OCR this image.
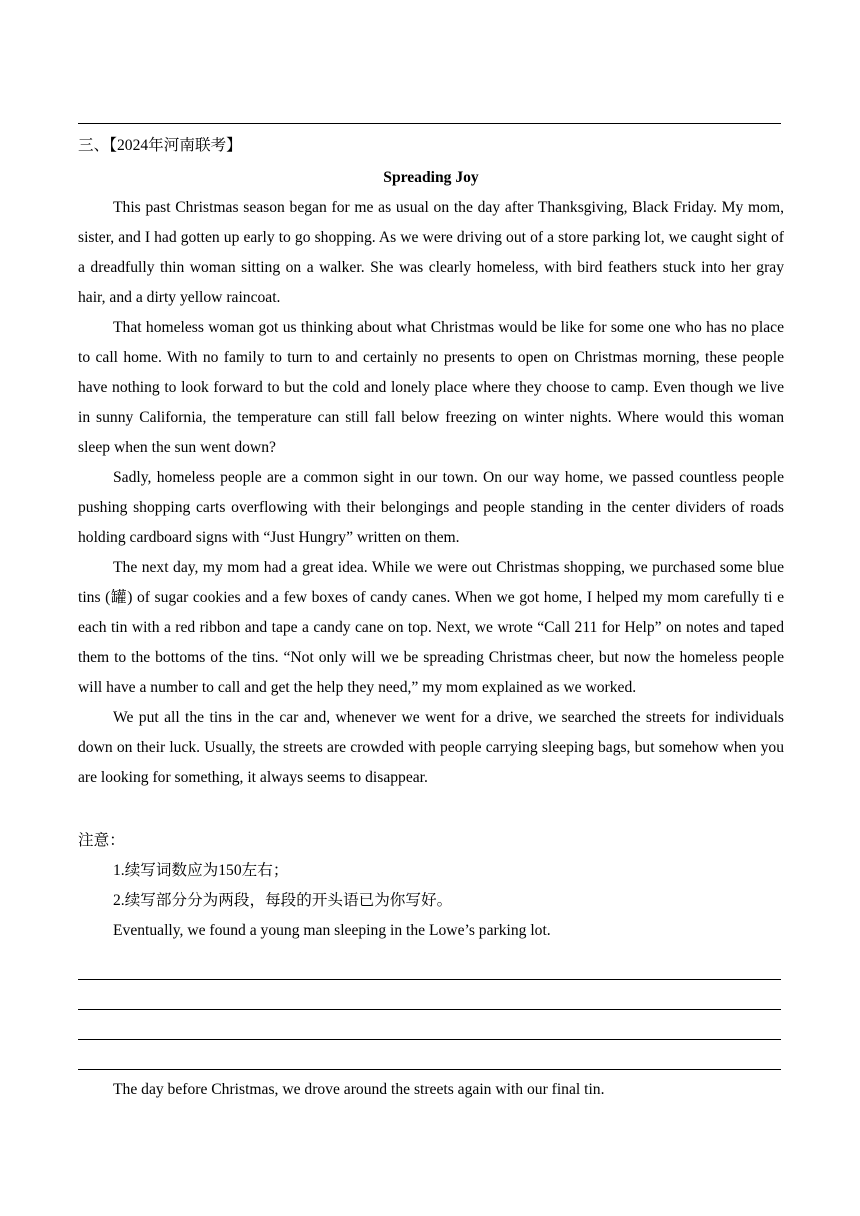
三、【2024年河南联考】
Spreading Joy

This past Christmas season began for me as usual on the day after Thanksgiving, Black Friday. My mom, sister, and I had gotten up early to go shopping. As we were driving out of a store parking lot, we caught sight of a dreadfully thin woman sitting on a walker. She was clearly homeless, with bird feathers stuck into her gray hair, and a dirty yellow raincoat.

That homeless woman got us thinking about what Christmas would be like for some one who has no place to call home. With no family to turn to and certainly no presents to open on Christmas morning, these people have nothing to look forward to but the cold and lonely place where they choose to camp. Even though we live in sunny California, the temperature can still fall below freezing on winter nights. Where would this woman sleep when the sun went down?

Sadly, homeless people are a common sight in our town. On our way home, we passed countless people pushing shopping carts overflowing with their belongings and people standing in the center dividers of roads holding cardboard signs with “Just Hungry” written on them.

The next day, my mom had a great idea. While we were out Christmas shopping, we purchased some blue tins (罐) of sugar cookies and a few boxes of candy canes. When we got home, I helped my mom carefully ti e each tin with a red ribbon and tape a candy cane on top. Next, we wrote “Call 211 for Help” on notes and taped them to the bottoms of the tins. “Not only will we be spreading Christmas cheer, but now the homeless people will have a number to call and get the help they need,” my mom explained as we worked.

We put all the tins in the car and, whenever we went for a drive, we searched the streets for individuals down on their luck. Usually, the streets are crowded with people carrying sleeping bags, but somehow when you are looking for something, it always seems to disappear.

注意：

1.续写词数应为150左右；

2.续写部分分为两段，每段的开头语已为你写好。

Eventually, we found a young man sleeping in the Lowe’s parking lot.

The day before Christmas, we drove around the streets again with our final tin.
